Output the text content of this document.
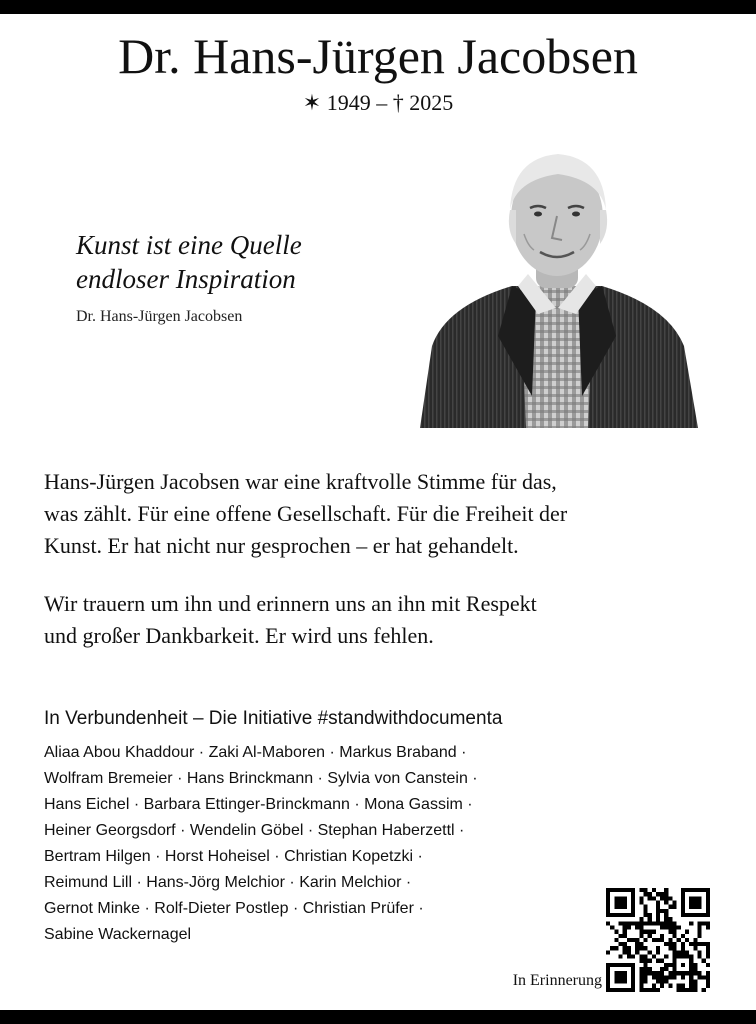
Dr. Hans-Jürgen Jacobsen
✶ 1949 – † 2025
Kunst ist eine Quelle
endloser Inspiration
Dr. Hans-Jürgen Jacobsen
Hans-Jürgen Jacobsen war eine kraftvolle Stimme für das,
was zählt. Für eine offene Gesellschaft. Für die Freiheit der
Kunst. Er hat nicht nur gesprochen – er hat gehandelt.
Wir trauern um ihn und erinnern uns an ihn mit Respekt
und großer Dankbarkeit. Er wird uns fehlen.
In Verbundenheit – Die Initiative #standwithdocumenta
Aliaa Abou Khaddour · Zaki Al-Maboren · Markus Braband ·
Wolfram Bremeier · Hans Brinckmann · Sylvia von Canstein ·
Hans Eichel · Barbara Ettinger-Brinckmann · Mona Gassim ·
Heiner Georgsdorf · Wendelin Göbel · Stephan Haberzettl ·
Bertram Hilgen · Horst Hoheisel · Christian Kopetzki ·
Reimund Lill · Hans-Jörg Melchior · Karin Melchior ·
Gernot Minke · Rolf-Dieter Postlep · Christian Prüfer ·
Sabine Wackernagel
In Erinnerung
